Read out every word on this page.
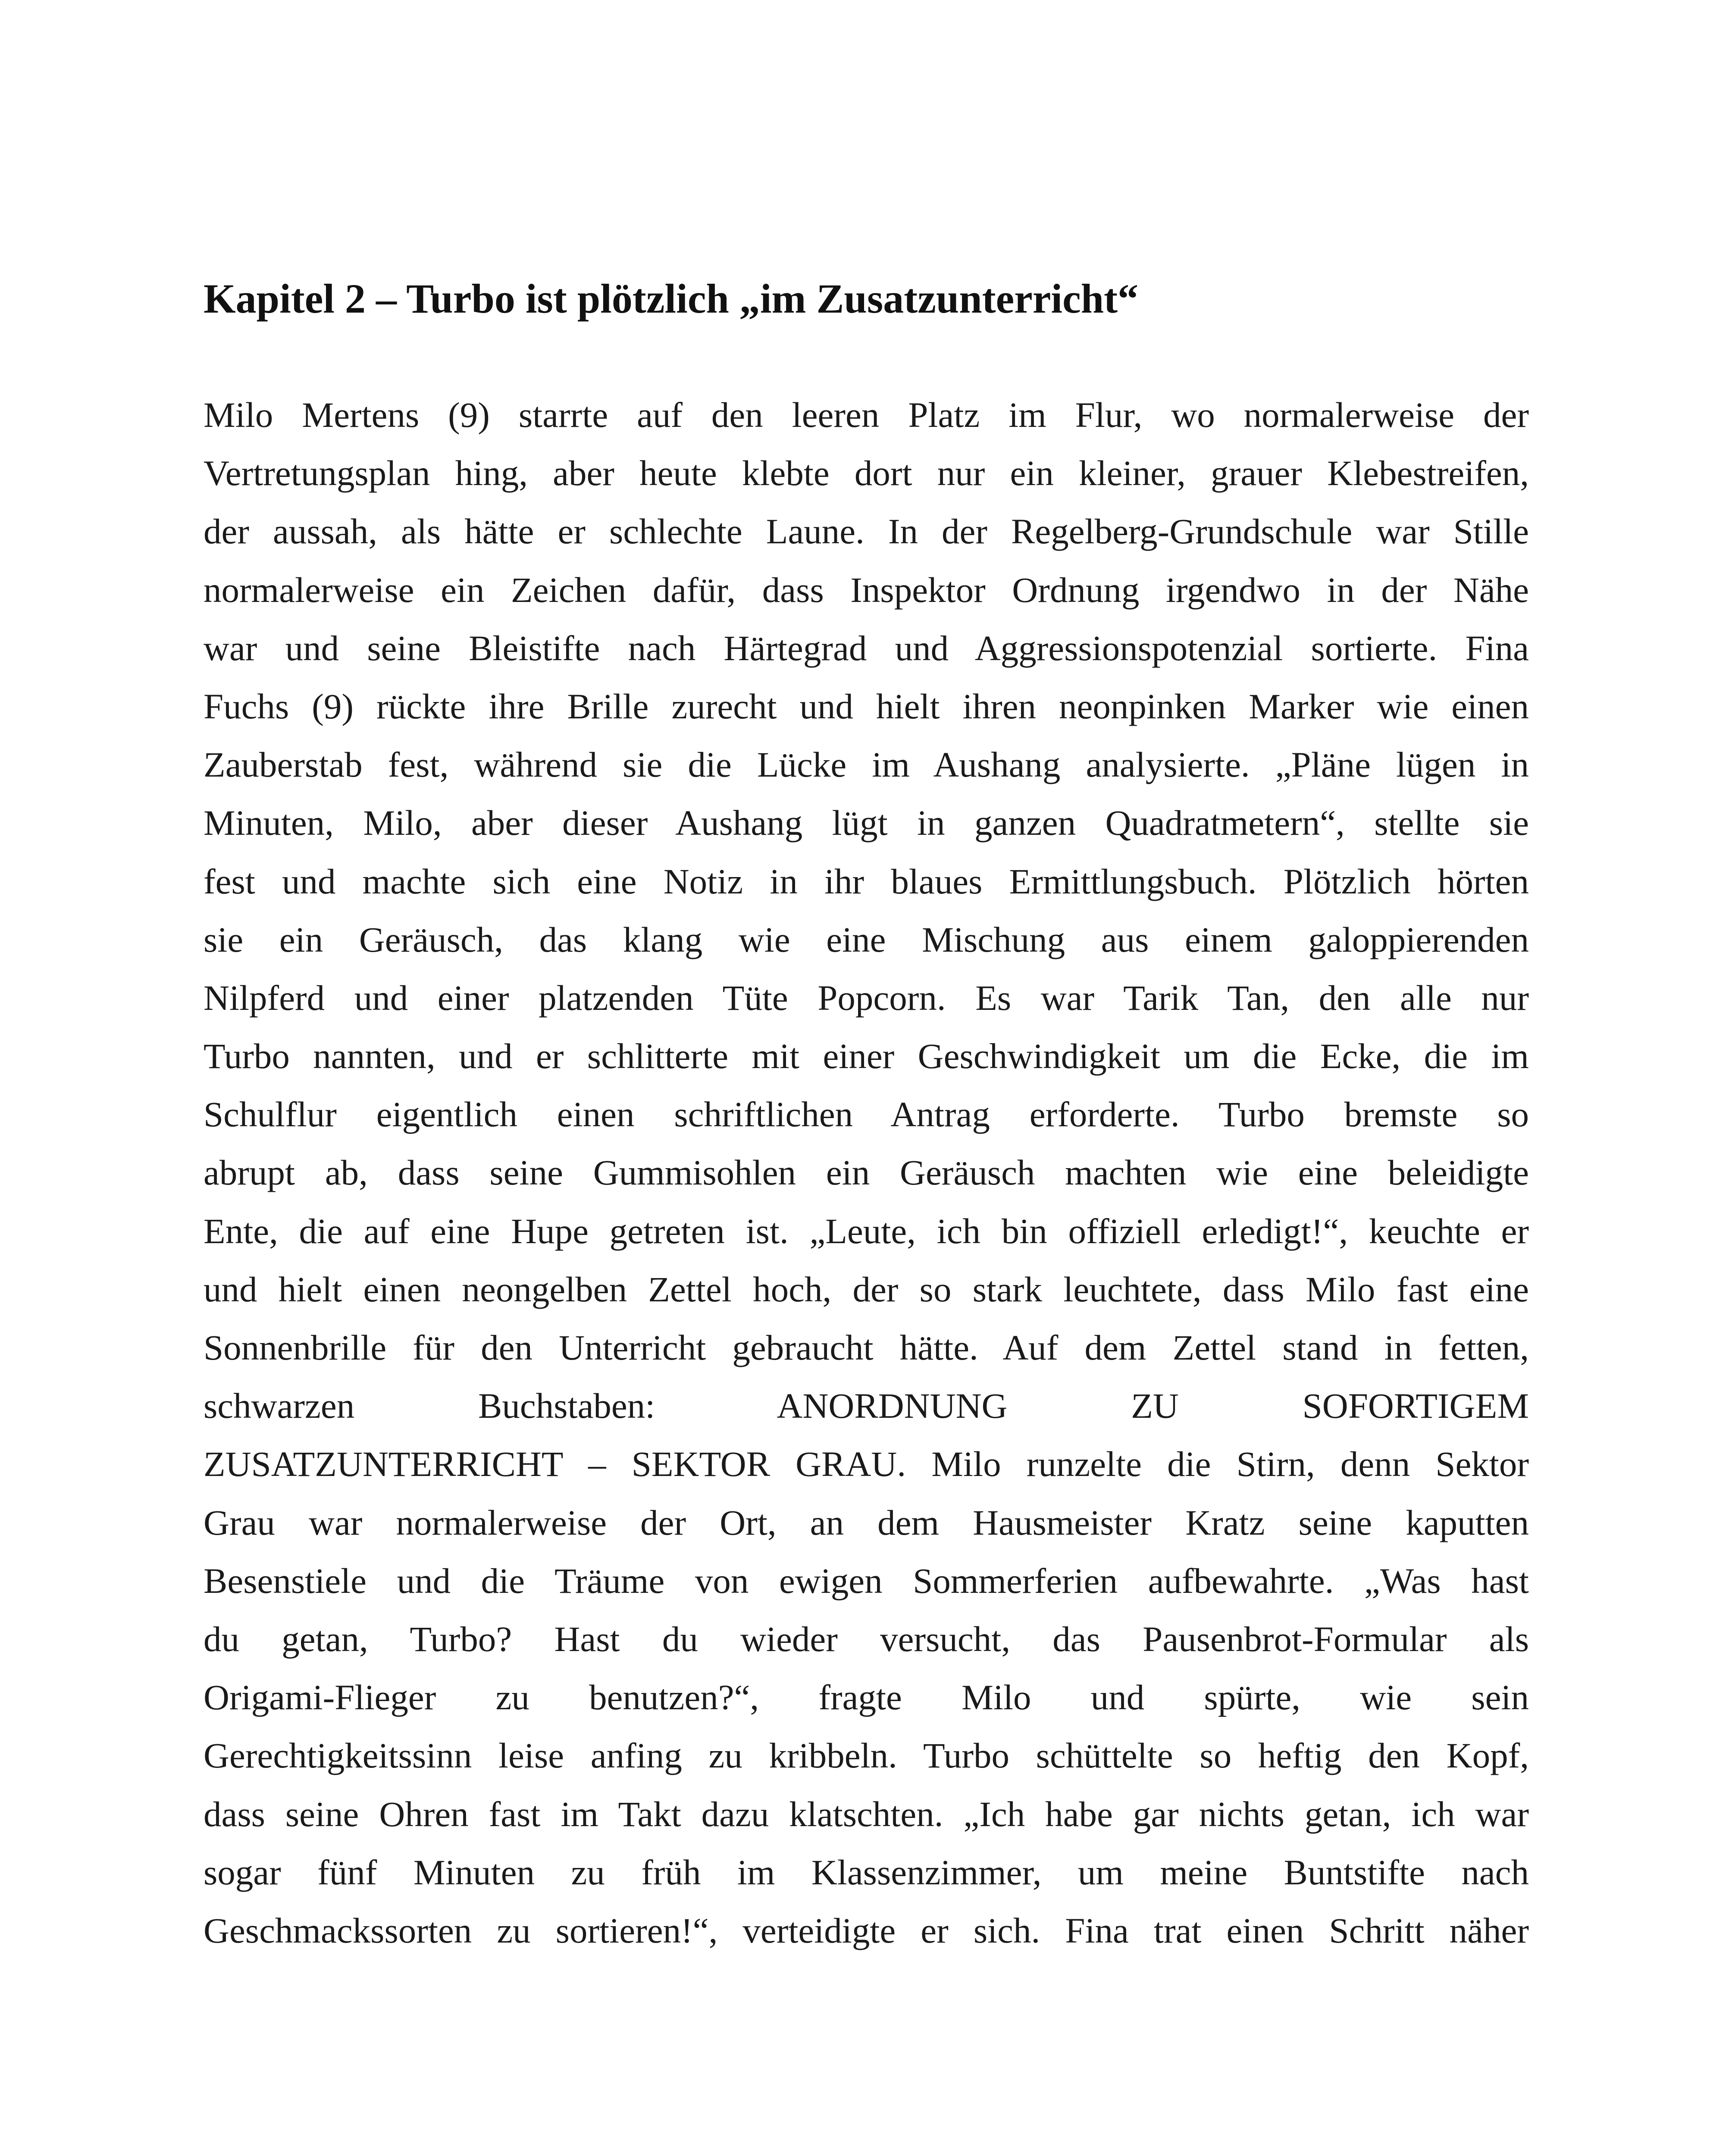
Kapitel 2 – Turbo ist plötzlich „im Zusatzunterricht“
Milo Mertens (9) starrte auf den leeren Platz im Flur, wo normalerweise der
Vertretungsplan hing, aber heute klebte dort nur ein kleiner, grauer Klebestreifen,
der aussah, als hätte er schlechte Laune. In der Regelberg-Grundschule war Stille
normalerweise ein Zeichen dafür, dass Inspektor Ordnung irgendwo in der Nähe
war und seine Bleistifte nach Härtegrad und Aggressionspotenzial sortierte. Fina
Fuchs (9) rückte ihre Brille zurecht und hielt ihren neonpinken Marker wie einen
Zauberstab fest, während sie die Lücke im Aushang analysierte. „Pläne lügen in
Minuten, Milo, aber dieser Aushang lügt in ganzen Quadratmetern“, stellte sie
fest und machte sich eine Notiz in ihr blaues Ermittlungsbuch. Plötzlich hörten
sie ein Geräusch, das klang wie eine Mischung aus einem galoppierenden
Nilpferd und einer platzenden Tüte Popcorn. Es war Tarik Tan, den alle nur
Turbo nannten, und er schlitterte mit einer Geschwindigkeit um die Ecke, die im
Schulflur eigentlich einen schriftlichen Antrag erforderte. Turbo bremste so
abrupt ab, dass seine Gummisohlen ein Geräusch machten wie eine beleidigte
Ente, die auf eine Hupe getreten ist. „Leute, ich bin offiziell erledigt!“, keuchte er
und hielt einen neongelben Zettel hoch, der so stark leuchtete, dass Milo fast eine
Sonnenbrille für den Unterricht gebraucht hätte. Auf dem Zettel stand in fetten,
schwarzen Buchstaben: ANORDNUNG ZU SOFORTIGEM
ZUSATZUNTERRICHT – SEKTOR GRAU. Milo runzelte die Stirn, denn Sektor
Grau war normalerweise der Ort, an dem Hausmeister Kratz seine kaputten
Besenstiele und die Träume von ewigen Sommerferien aufbewahrte. „Was hast
du getan, Turbo? Hast du wieder versucht, das Pausenbrot-Formular als
Origami-Flieger zu benutzen?“, fragte Milo und spürte, wie sein
Gerechtigkeitssinn leise anfing zu kribbeln. Turbo schüttelte so heftig den Kopf,
dass seine Ohren fast im Takt dazu klatschten. „Ich habe gar nichts getan, ich war
sogar fünf Minuten zu früh im Klassenzimmer, um meine Buntstifte nach
Geschmackssorten zu sortieren!“, verteidigte er sich. Fina trat einen Schritt näher
